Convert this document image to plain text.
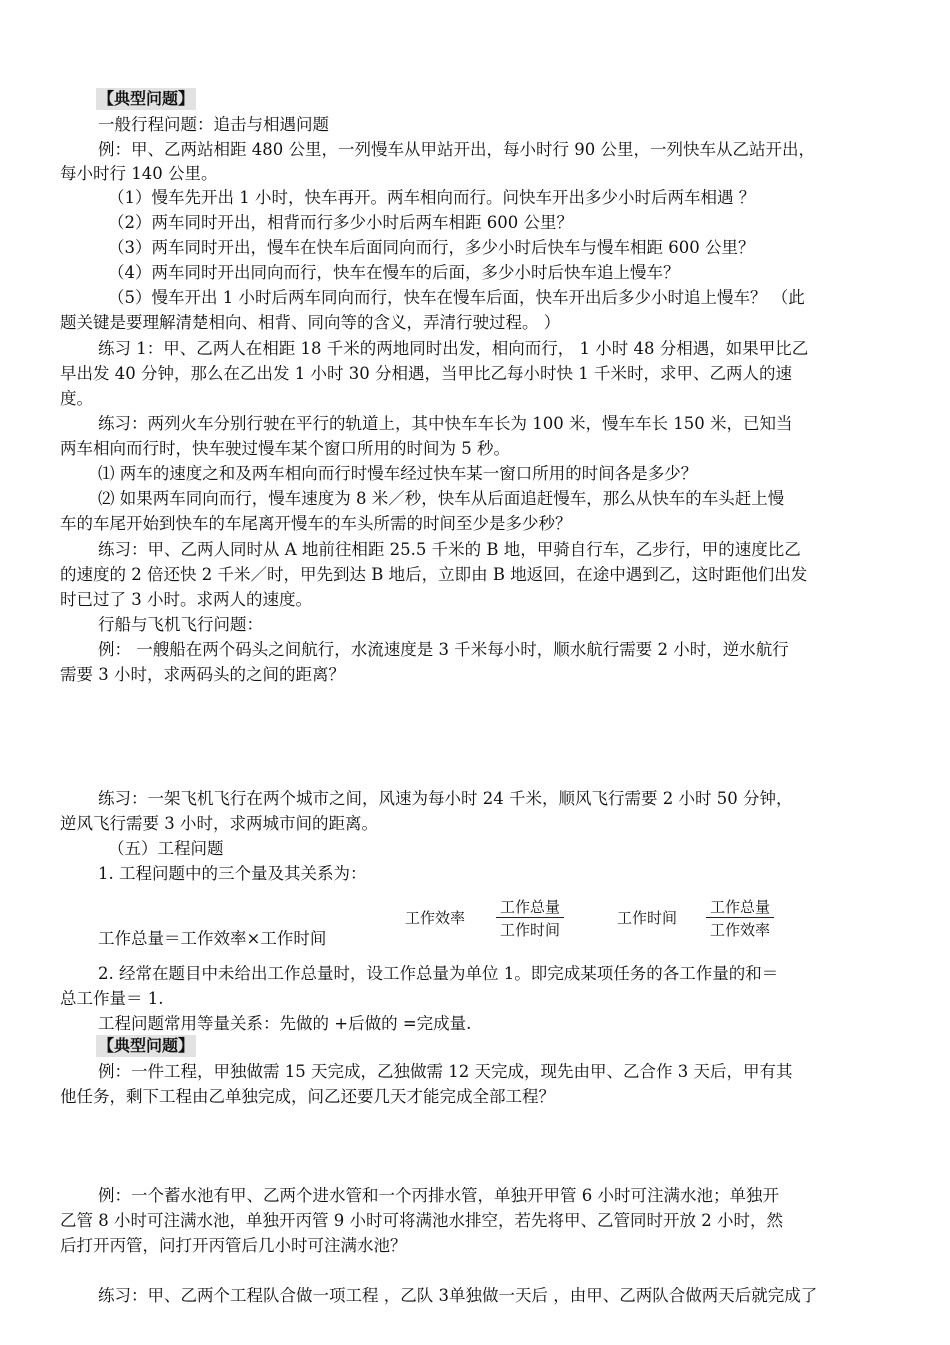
【典型问题】
一般行程问题：追击与相遇问题
例：甲、乙两站相距 480 公里，一列慢车从甲站开出，每小时行 90 公里，一列快车从乙站开出，
每小时行 140 公里。
（1）慢车先开出 1 小时，快车再开。两车相向而行。问快车开出多少小时后两车相遇 ？
（2）两车同时开出，相背而行多少小时后两车相距 600 公里？
（3）两车同时开出，慢车在快车后面同向而行，多少小时后快车与慢车相距 600 公里？
（4）两车同时开出同向而行，快车在慢车的后面，多少小时后快车追上慢车？
（5）慢车开出 1 小时后两车同向而行，快车在慢车后面，快车开出后多少小时追上慢车？ （此
题关键是要理解清楚相向、相背、同向等的含义，弄清行驶过程。 ）
练习 1：甲、乙两人在相距 18 千米的两地同时出发，相向而行， 1 小时 48 分相遇，如果甲比乙
早出发 40 分钟，那么在乙出发 1 小时 30 分相遇，当甲比乙每小时快 1 千米时，求甲、乙两人的速
度。
练习：两列火车分别行驶在平行的轨道上，其中快车车长为 100 米，慢车车长 150 米，已知当
两车相向而行时，快车驶过慢车某个窗口所用的时间为 5 秒。
⑴ 两车的速度之和及两车相向而行时慢车经过快车某一窗口所用的时间各是多少？
⑵ 如果两车同向而行，慢车速度为 8 米／秒，快车从后面追赶慢车，那么从快车的车头赶上慢
车的车尾开始到快车的车尾离开慢车的车头所需的时间至少是多少秒？
练习：甲、乙两人同时从 A 地前往相距 25.5 千米的 B 地，甲骑自行车，乙步行，甲的速度比乙
的速度的 2 倍还快 2 千米／时，甲先到达 B 地后，立即由 B 地返回，在途中遇到乙，这时距他们出发
时已过了 3 小时。求两人的速度。
行船与飞机飞行问题：
例： 一艘船在两个码头之间航行，水流速度是 3 千米每小时，顺水航行需要 2 小时，逆水航行
需要 3 小时，求两码头的之间的距离？
练习：一架飞机飞行在两个城市之间，风速为每小时 24 千米，顺风飞行需要 2 小时 50 分钟，
逆风飞行需要 3 小时，求两城市间的距离。
（五）工程问题
1. 工程问题中的三个量及其关系为：
工作总量＝工作效率×工作时间
工作效率
工作总量
工作时间
工作时间
工作总量
工作效率
2. 经常在题目中未给出工作总量时，设工作总量为单位 1。即完成某项任务的各工作量的和＝
总工作量＝ 1.
工程问题常用等量关系：先做的 +后做的 =完成量.
【典型问题】
例：一件工程，甲独做需 15 天完成，乙独做需 12 天完成，现先由甲、乙合作 3 天后，甲有其
他任务，剩下工程由乙单独完成，问乙还要几天才能完成全部工程？
例：一个蓄水池有甲、乙两个进水管和一个丙排水管，单独开甲管 6 小时可注满水池；单独开
乙管 8 小时可注满水池，单独开丙管 9 小时可将满池水排空，若先将甲、乙管同时开放 2 小时，然
后打开丙管，问打开丙管后几小时可注满水池？
练习：甲、乙两个工程队合做一项工程 ，乙队 3单独做一天后 ，由甲、乙两队合做两天后就完成了
